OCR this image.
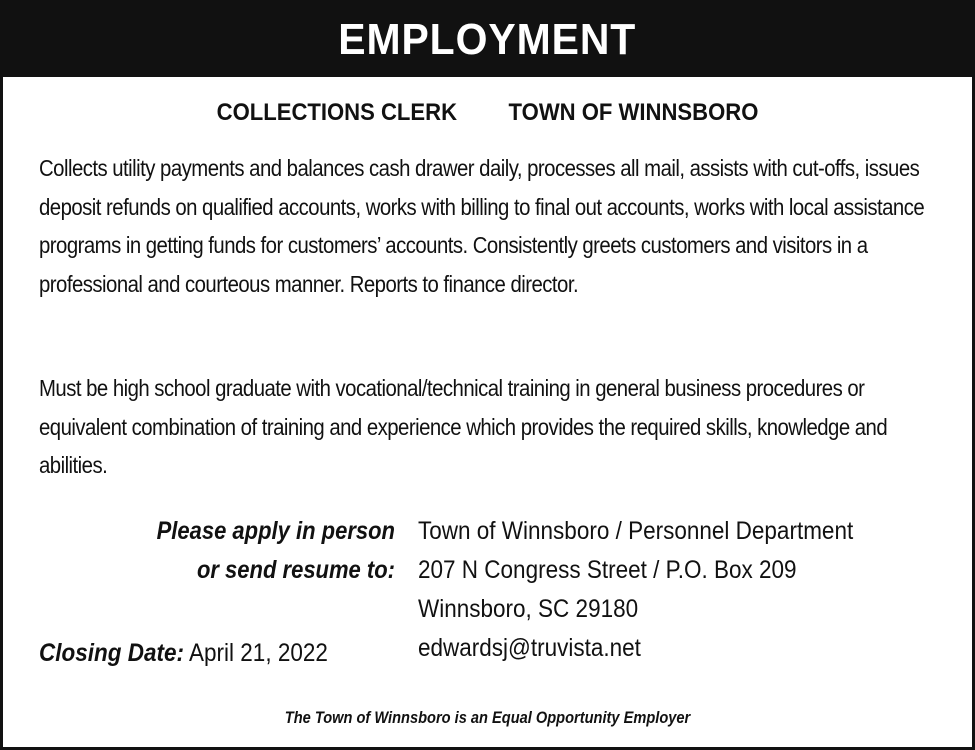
EMPLOYMENT
COLLECTIONS CLERK TOWN OF WINNSBORO
Collects utility payments and balances cash drawer daily, processes all mail, assists with cut-offs, issues deposit refunds on qualified accounts, works with billing to final out accounts, works with local assistance programs in getting funds for customers’ accounts. Consistently greets customers and visitors in a professional and courteous manner. Reports to finance director.
Must be high school graduate with vocational/technical training in general business procedures or equivalent combination of training and experience which provides the required skills, knowledge and abilities.
Please apply in person
or send resume to:
Town of Winnsboro / Personnel Department
207 N Congress Street / P.O. Box 209
Winnsboro, SC 29180
edwardsj@truvista.net
Closing Date: April 21, 2022
The Town of Winnsboro is an Equal Opportunity Employer
